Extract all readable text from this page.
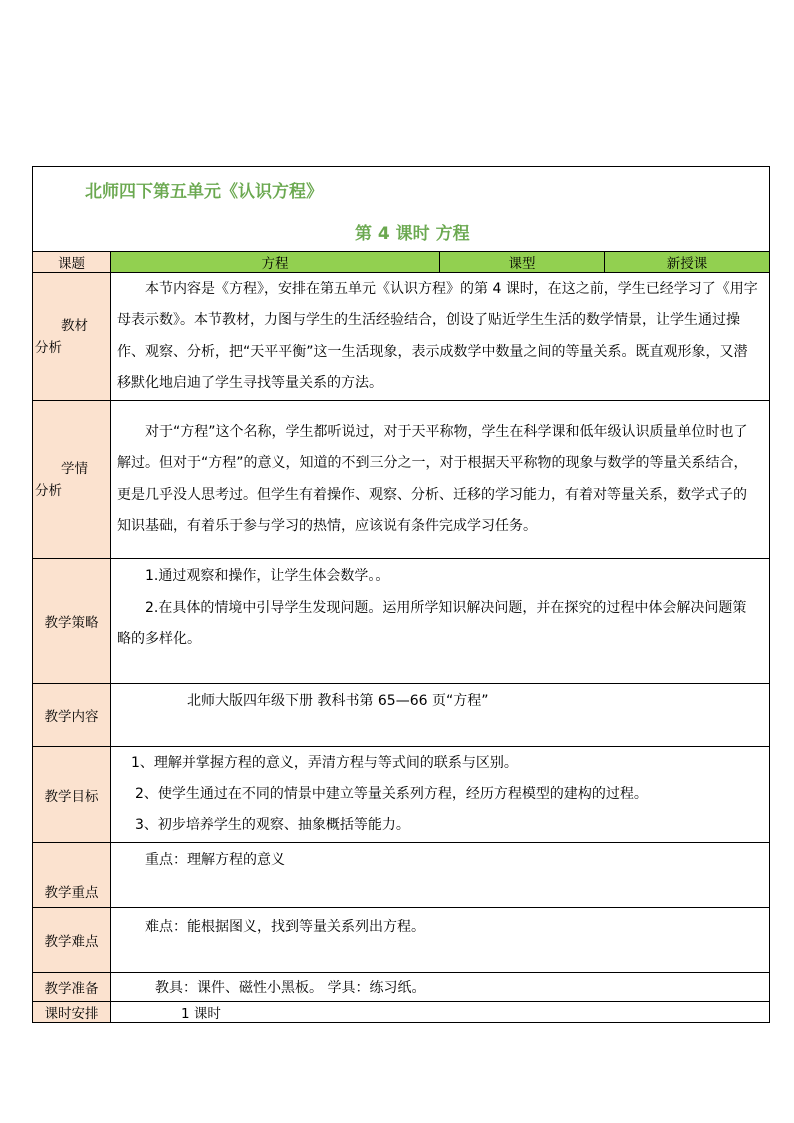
北师四下第五单元《认识方程》
第 4 课时 方程			

课题	方程	课型	新授课
教材
分析	本节内容是《方程》，安排在第五单元《认识方程》的第 4 课时，在这之前，学生已经学习了《用字母表示数》。本节教材，力图与学生的生活经验结合，创设了贴近学生生活的数学情景，让学生通过操作、观察、分析，把“天平平衡”这一生活现象，表示成数学中数量之间的等量关系。既直观形象，又潜移默化地启迪了学生寻找等量关系的方法。		

学情
分析	对于“方程”这个名称，学生都听说过，对于天平称物，学生在科学课和低年级认识质量单位时也了解过。但对于“方程”的意义，知道的不到三分之一，对于根据天平称物的现象与数学的等量关系结合，更是几乎没人思考过。但学生有着操作、观察、分析、迁移的学习能力，有着对等量关系，数学式子的知识基础，有着乐于参与学习的热情，应该说有条件完成学习任务。		

教学策略	1.通过观察和操作，让学生体会数学。。

2.在具体的情境中引导学生发现问题。运用所学知识解决问题，并在探究的过程中体会解决问题策略的多样化。		

教学内容	北师大版四年级下册 教科书第 65—66 页“方程”		

教学目标	1、理解并掌握方程的意义，弄清方程与等式间的联系与区别。

2、使学生通过在不同的情景中建立等量关系列方程，经历方程模型的建构的过程。

3、初步培养学生的观察、抽象概括等能力。		

教学重点	重点：理解方程的意义		

教学难点	难点：能根据图义，找到等量关系列出方程。		

教学准备	教具：课件、磁性小黑板。 学具：练习纸。		

课时安排	1 课时		
